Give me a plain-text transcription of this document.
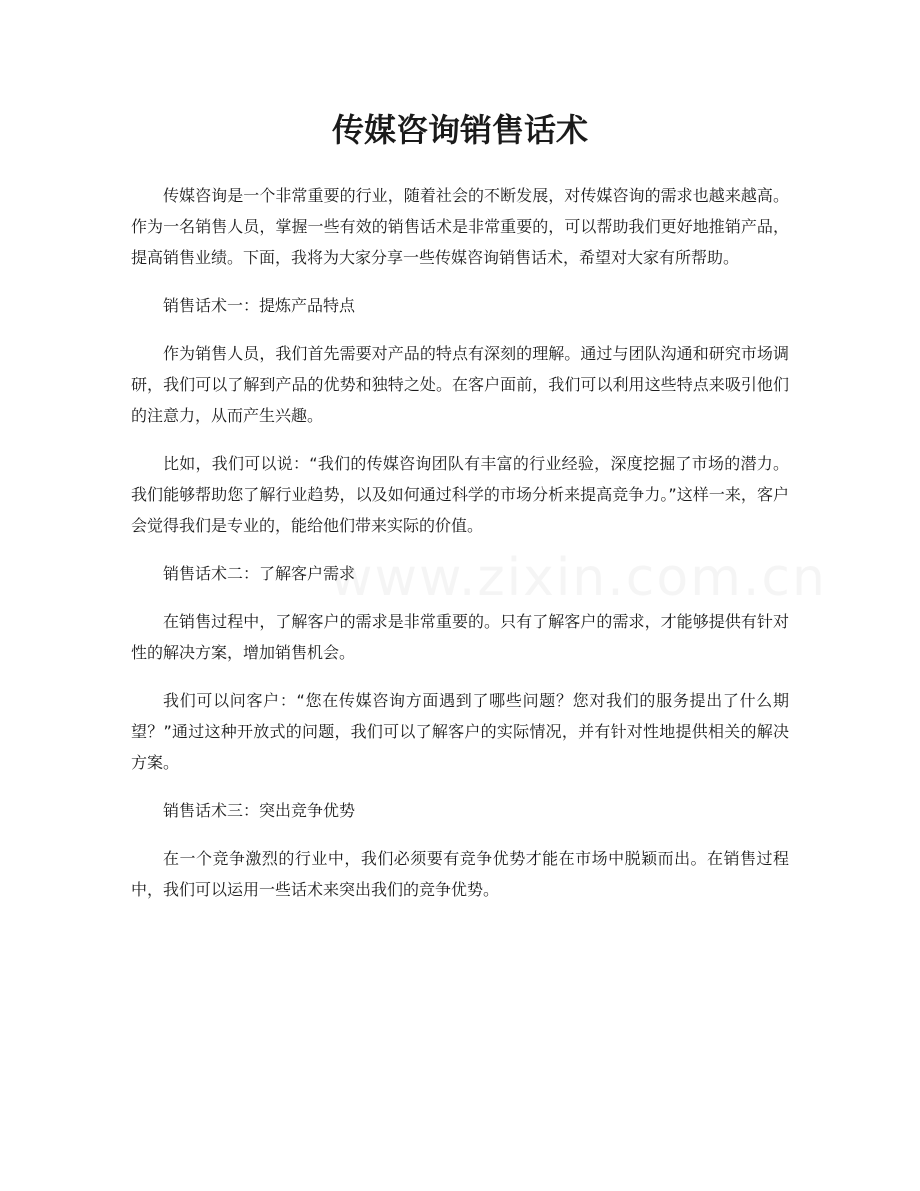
传媒咨询销售话术

传媒咨询是一个非常重要的行业，随着社会的不断发展，对传媒咨询的需求也越来越高。作为一名销售人员，掌握一些有效的销售话术是非常重要的，可以帮助我们更好地推销产品，提高销售业绩。下面，我将为大家分享一些传媒咨询销售话术，希望对大家有所帮助。

销售话术一：提炼产品特点

作为销售人员，我们首先需要对产品的特点有深刻的理解。通过与团队沟通和研究市场调研，我们可以了解到产品的优势和独特之处。在客户面前，我们可以利用这些特点来吸引他们的注意力，从而产生兴趣。

比如，我们可以说：“我们的传媒咨询团队有丰富的行业经验，深度挖掘了市场的潜力。我们能够帮助您了解行业趋势，以及如何通过科学的市场分析来提高竞争力。”这样一来，客户会觉得我们是专业的，能给他们带来实际的价值。

销售话术二：了解客户需求

在销售过程中，了解客户的需求是非常重要的。只有了解客户的需求，才能够提供有针对性的解决方案，增加销售机会。

我们可以问客户：“您在传媒咨询方面遇到了哪些问题？您对我们的服务提出了什么期望？”通过这种开放式的问题，我们可以了解客户的实际情况，并有针对性地提供相关的解决方案。

销售话术三：突出竞争优势

在一个竞争激烈的行业中，我们必须要有竞争优势才能在市场中脱颖而出。在销售过程中，我们可以运用一些话术来突出我们的竞争优势。

www.zixin.com.cn
